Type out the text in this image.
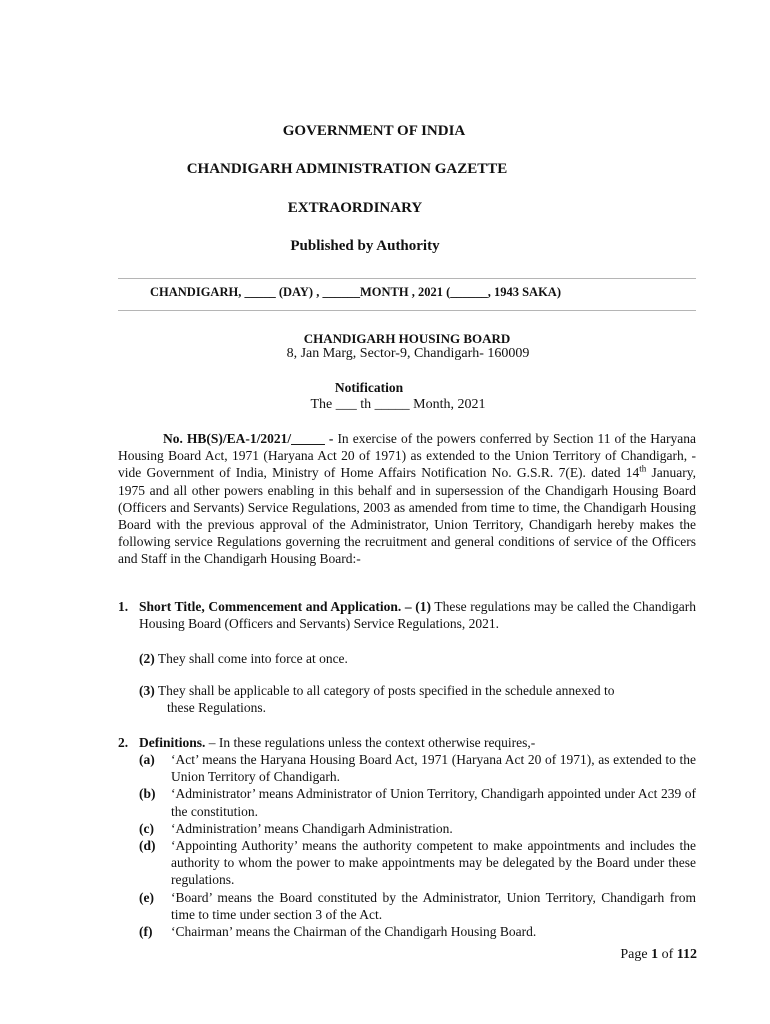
GOVERNMENT OF INDIA
CHANDIGARH ADMINISTRATION GAZETTE
EXTRAORDINARY
Published by Authority
CHANDIGARH, _____ (DAY) , ______MONTH , 2021 (______, 1943 SAKA)
CHANDIGARH HOUSING BOARD
8, Jan Marg, Sector-9, Chandigarh- 160009
Notification
The ___ th _____ Month, 2021
No. HB(S)/EA-1/2021/_____ - In exercise of the powers conferred by Section 11 of the Haryana Housing Board Act, 1971 (Haryana Act 20 of 1971) as extended to the Union Territory of Chandigarh, - vide Government of India, Ministry of Home Affairs Notification No. G.S.R. 7(E). dated 14th January, 1975 and all other powers enabling in this behalf and in supersession of the Chandigarh Housing Board (Officers and Servants) Service Regulations, 2003 as amended from time to time, the Chandigarh Housing Board with the previous approval of the Administrator, Union Territory, Chandigarh hereby makes the following service Regulations governing the recruitment and general conditions of service of the Officers and Staff in the Chandigarh Housing Board:-
1. Short Title, Commencement and Application. – (1) These regulations may be called the Chandigarh Housing Board (Officers and Servants) Service Regulations, 2021.
(2) They shall come into force at once.
(3) They shall be applicable to all category of posts specified in the schedule annexed to
these Regulations.
2. Definitions. – In these regulations unless the context otherwise requires,-
(a) ‘Act’ means the Haryana Housing Board Act, 1971 (Haryana Act 20 of 1971), as extended to the Union Territory of Chandigarh.
(b) ‘Administrator’ means Administrator of Union Territory, Chandigarh appointed under Act 239 of the constitution.
(c) ‘Administration’ means Chandigarh Administration.
(d) ‘Appointing Authority’ means the authority competent to make appointments and includes the authority to whom the power to make appointments may be delegated by the Board under these regulations.
(e) ‘Board’ means the Board constituted by the Administrator, Union Territory, Chandigarh from time to time under section 3 of the Act.
(f) ‘Chairman’ means the Chairman of the Chandigarh Housing Board.
Page 1 of 112
